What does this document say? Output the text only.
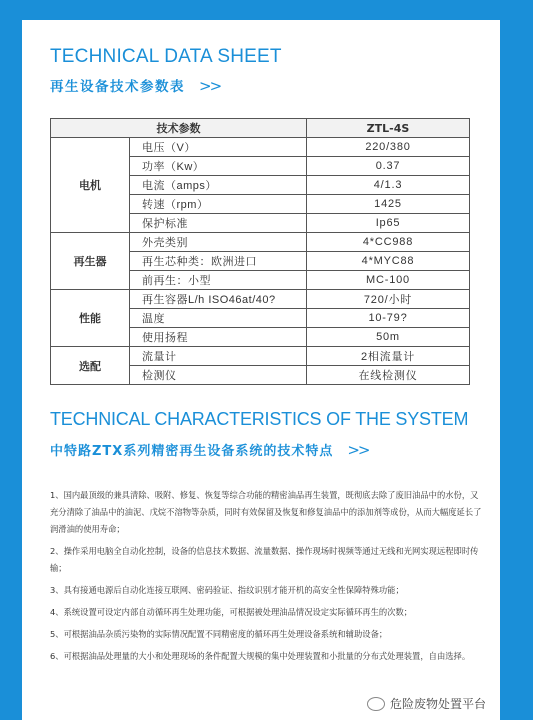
TECHNICAL DATA SHEET
再生设备技术参数表 >>
技术参数		ZTL-4S
电机	电压（V）	220/380
	功率（Kw）	0.37
	电流（amps）	4/1.3
	转速（rpm）	1425
	保护标准	Ip65
再生器	外壳类别	4*CC988
	再生芯种类：欧洲进口	4*MYC88
	前再生：小型	MC-100
性能	再生容器L/h ISO46at/40?	720/小时
	温度	10-79?
	使用扬程	50m
选配	流量计	2相流量计
	检测仪	在线检测仪
TECHNICAL CHARACTERISTICS OF THE SYSTEM
中特路ZTX系列精密再生设备系统的技术特点 >>
1、国内最顶级的兼具清除、吸附、修复、恢复等综合功能的精密油品再生装置，既彻底去除了废旧油品中的水份，又充分清除了油品中的油泥、戊烷不溶物等杂质，同时有效保留及恢复和修复油品中的添加剂等成份，从而大幅度延长了润滑油的使用寿命；
2、操作采用电脑全自动化控制，设备的信息技术数据、流量数据、操作现场时视频等通过无线和光网实现远程即时传输；
3、具有接通电源后自动化连接互联网、密码验证、指纹识别才能开机的高安全性保障特殊功能；
4、系统设置可设定内部自动循环再生处理功能，可根据被处理油品情况设定实际循环再生的次数；
5、可根据油品杂质污染物的实际情况配置不同精密度的循环再生处理设备系统和辅助设备；
6、可根据油品处理量的大小和处理现场的条件配置大规模的集中处理装置和小批量的分布式处理装置，自由选择。
危险废物处置平台
